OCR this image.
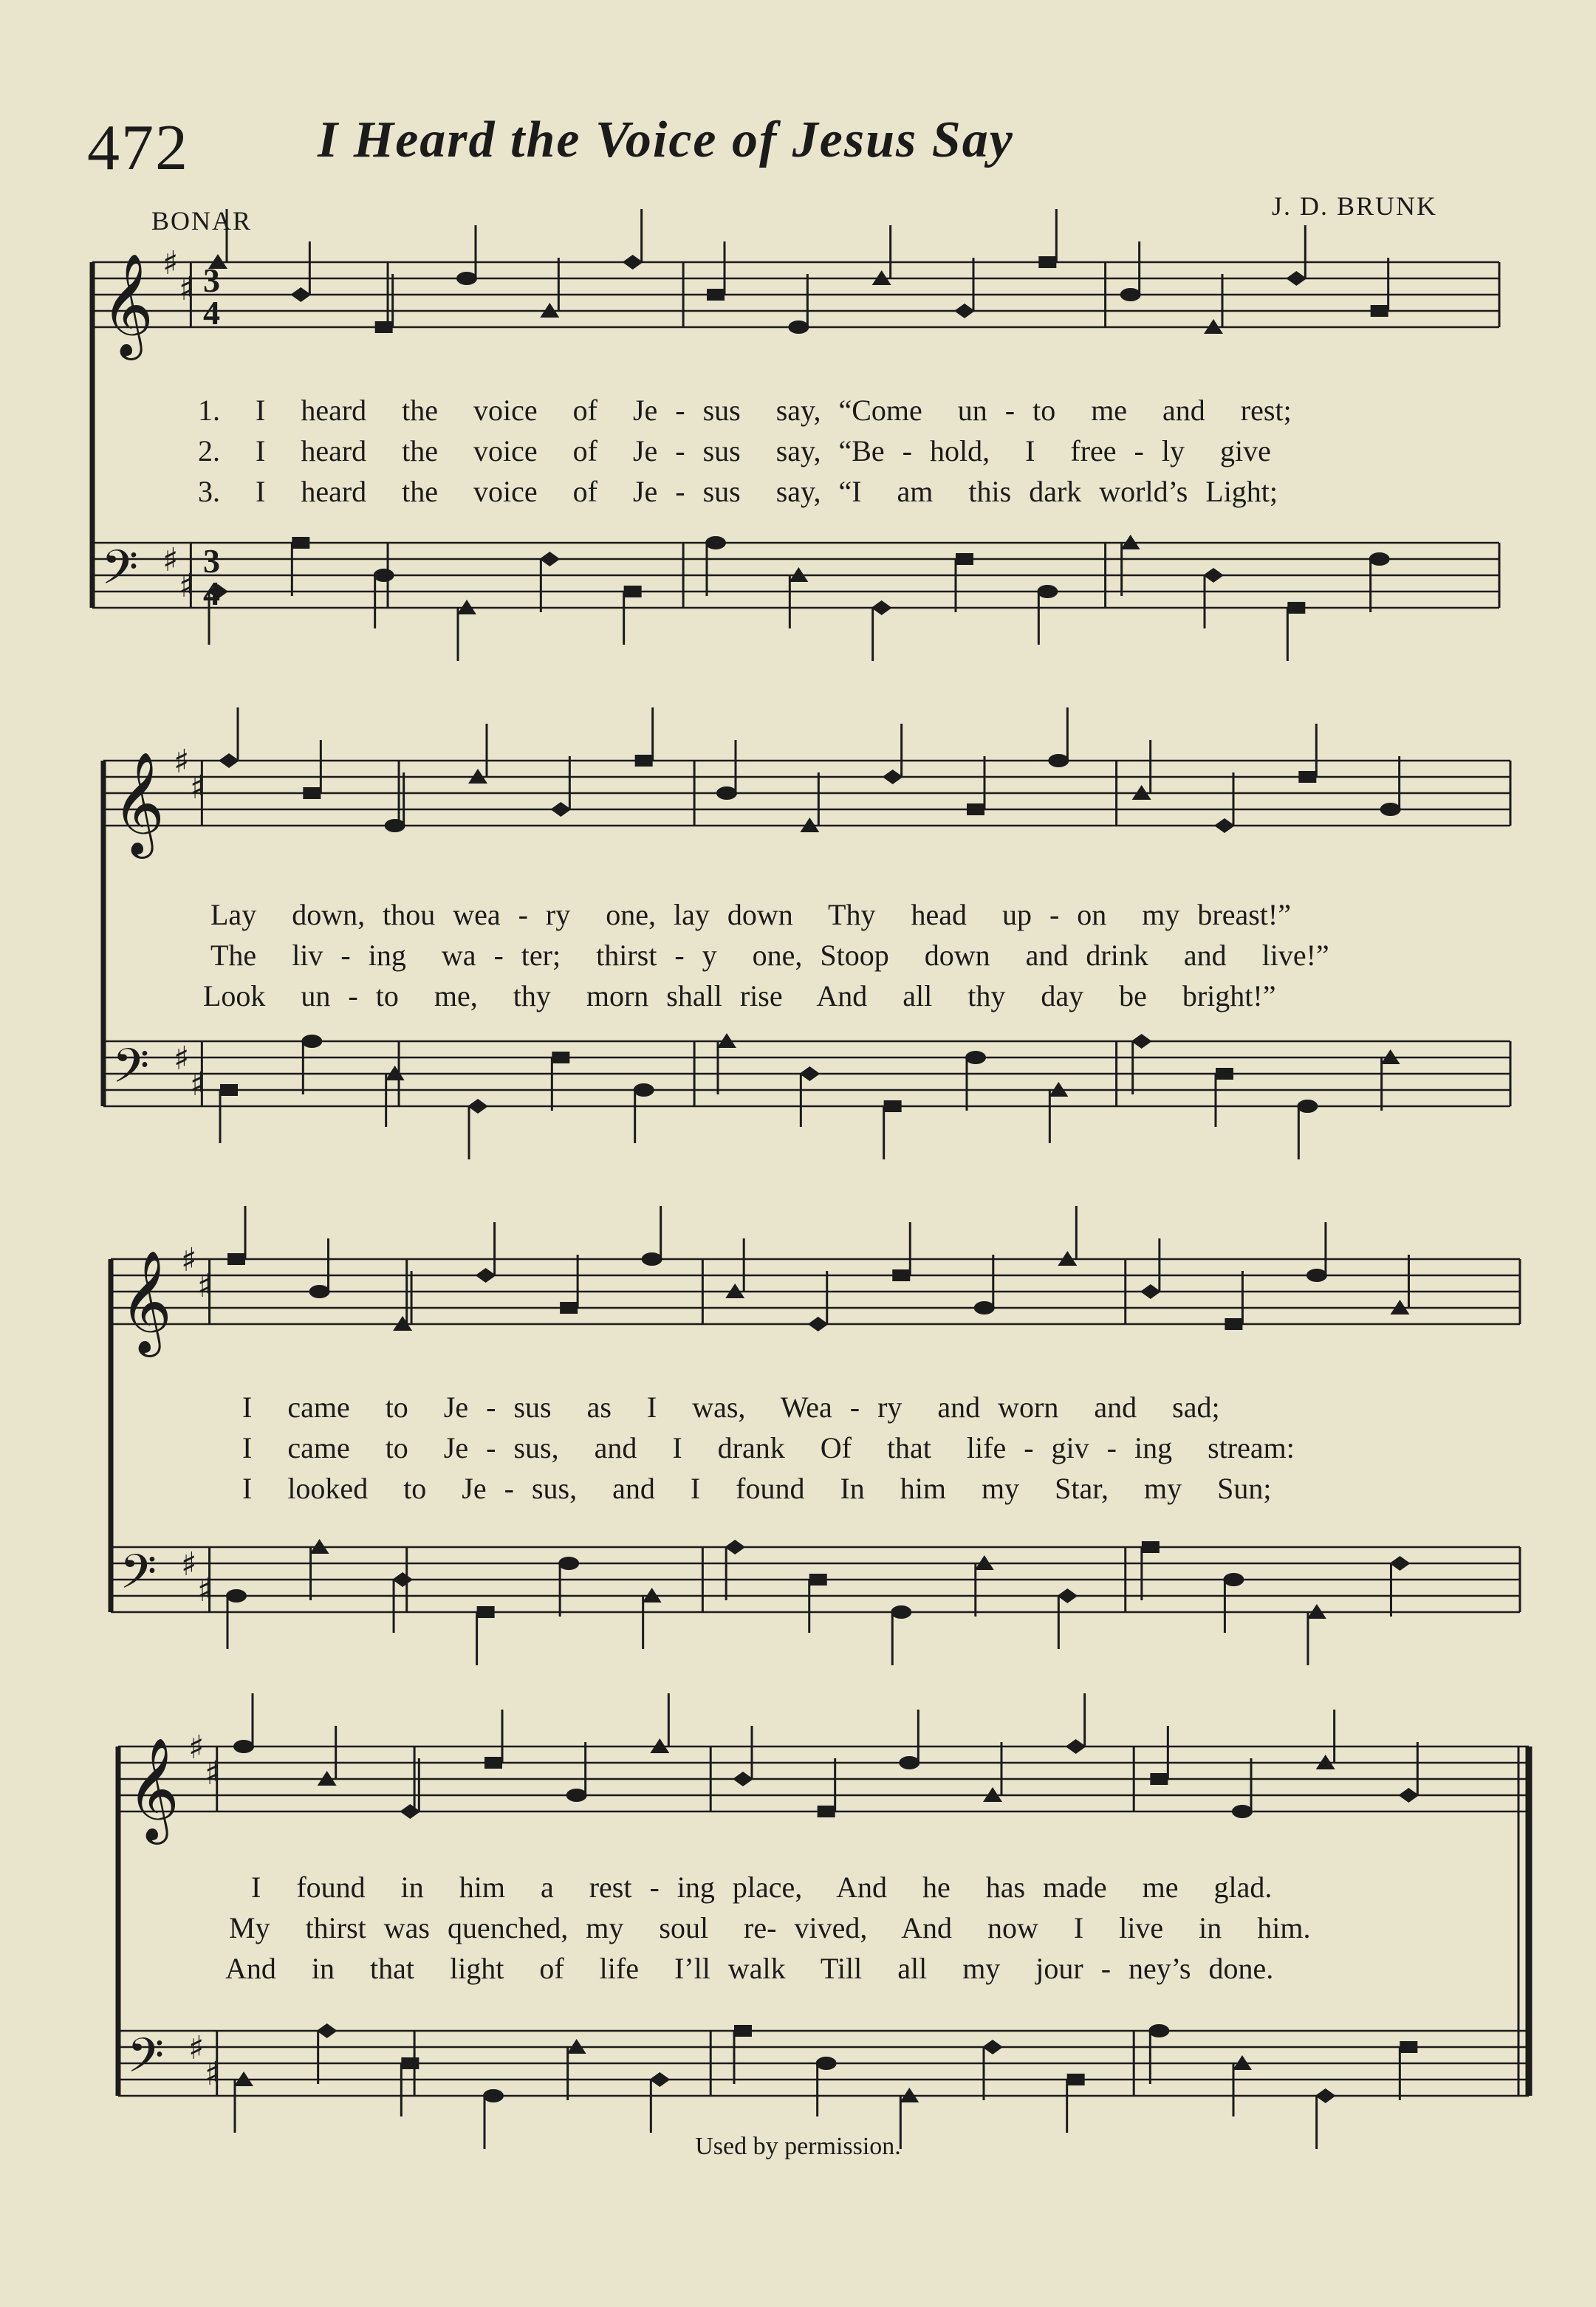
472 I Heard the Voice of Jesus Say
BONAR	J. D. BRUNK
𝄞 ♯
♯
𝄢 ♯
♯
𝄞 ♯
♯
𝄢 ♯
♯
𝄞 ♯
♯
𝄢 ♯
♯
𝄞 ♯
♯
𝄢 ♯
♯
3
4
3
4
1.  I  heard  the  voice  of  Je - sus  say, “Come  un - to  me  and  rest;
2.  I  heard  the  voice  of  Je - sus  say, “Be - hold,  I  free - ly  give
3.  I  heard  the  voice  of  Je - sus  say, “I  am  this dark world’s Light;
Lay  down, thou wea - ry  one, lay down  Thy  head  up - on  my breast!”
The  liv - ing  wa - ter;  thirst - y  one, Stoop  down  and drink  and  live!”
Look  un - to  me,  thy  morn shall rise  And  all  thy  day  be  bright!”
I  came  to  Je - sus  as  I  was,  Wea - ry  and worn  and  sad;
I  came  to  Je - sus,  and  I  drank  Of  that  life - giv - ing  stream:
I  looked  to  Je - sus,  and  I  found  In  him  my  Star,  my  Sun;
I  found  in  him  a  rest - ing place,  And  he  has made  me  glad.
My  thirst was quenched, my  soul  re- vived,  And  now  I  live  in  him.
And  in  that  light  of  life  I’ll walk  Till  all  my  jour - ney’s done.
Used by permission.
